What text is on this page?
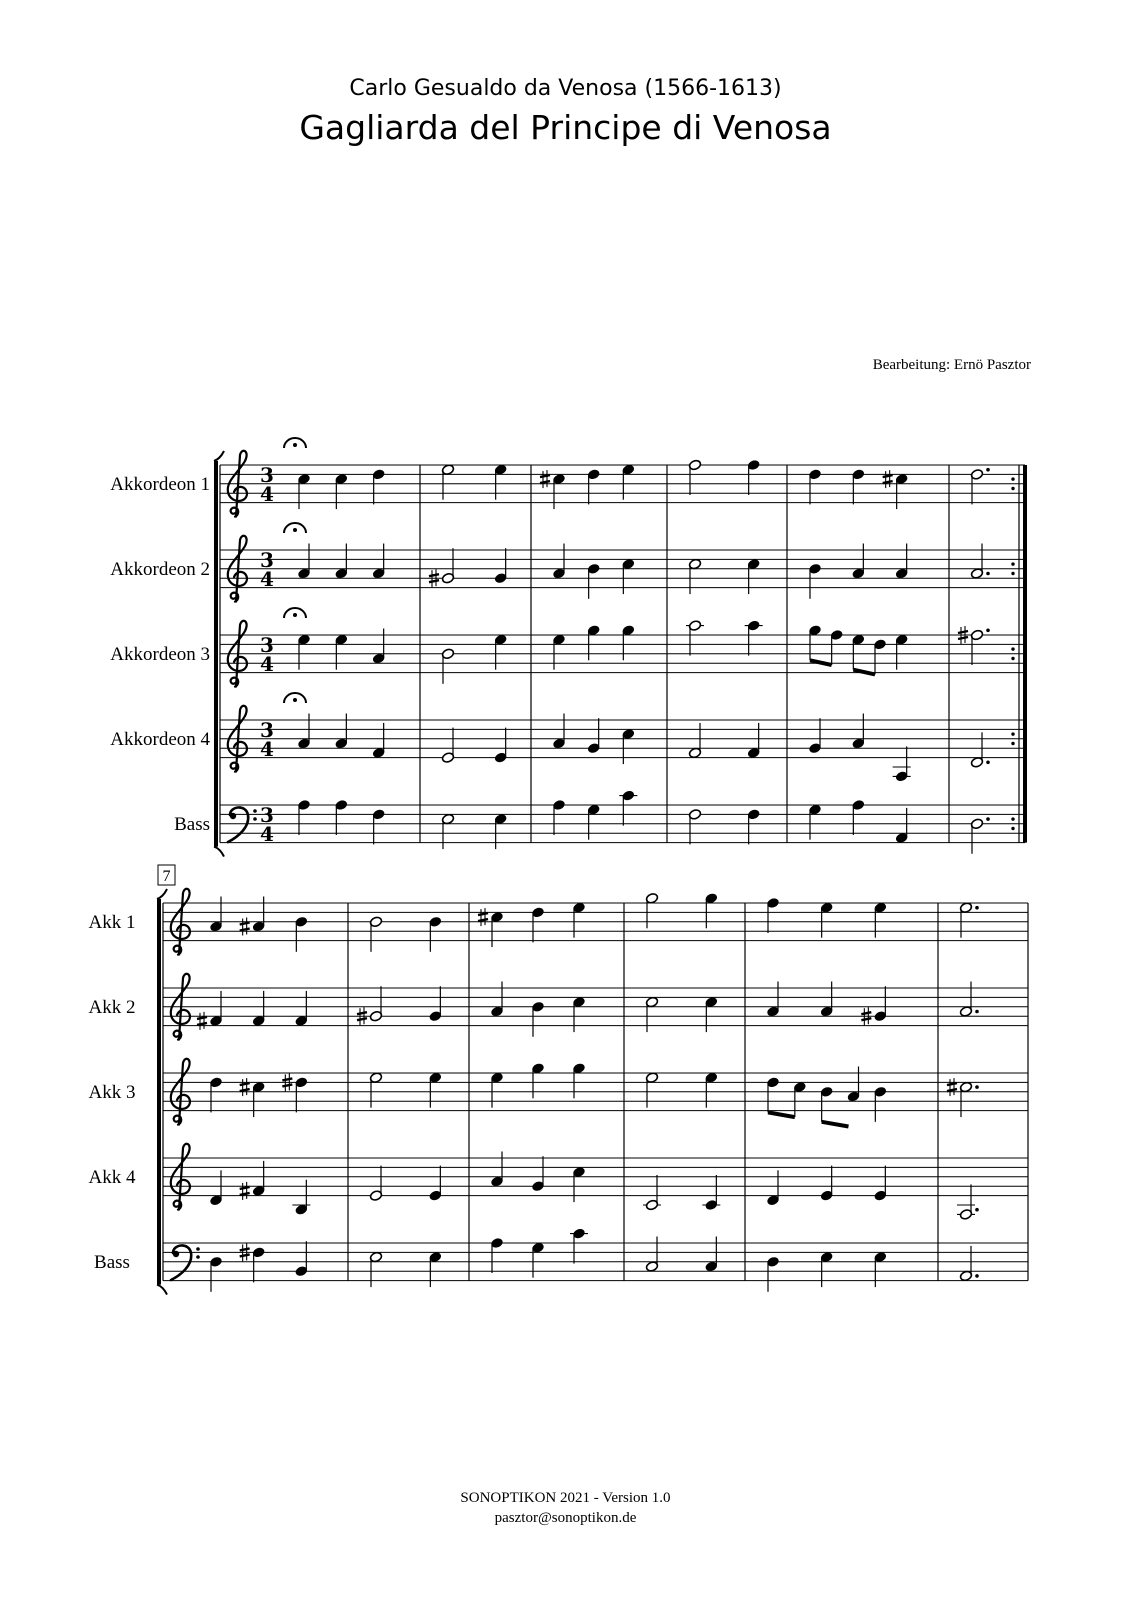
Carlo Gesualdo da Venosa (1566-1613)
Gagliarda del Principe di Venosa
Bearbeitung: Ernö Pasztor
Akkordeon 1	3
4
Akkordeon 2	3
4
Akkordeon 3	3
4
Akkordeon 4	3
4
Bass	3
4
7
Akk 1
Akk 2
Akk 3
Akk 4
Bass
SONOPTIKON 2021 - Version 1.0
pasztor@sonoptikon.de
